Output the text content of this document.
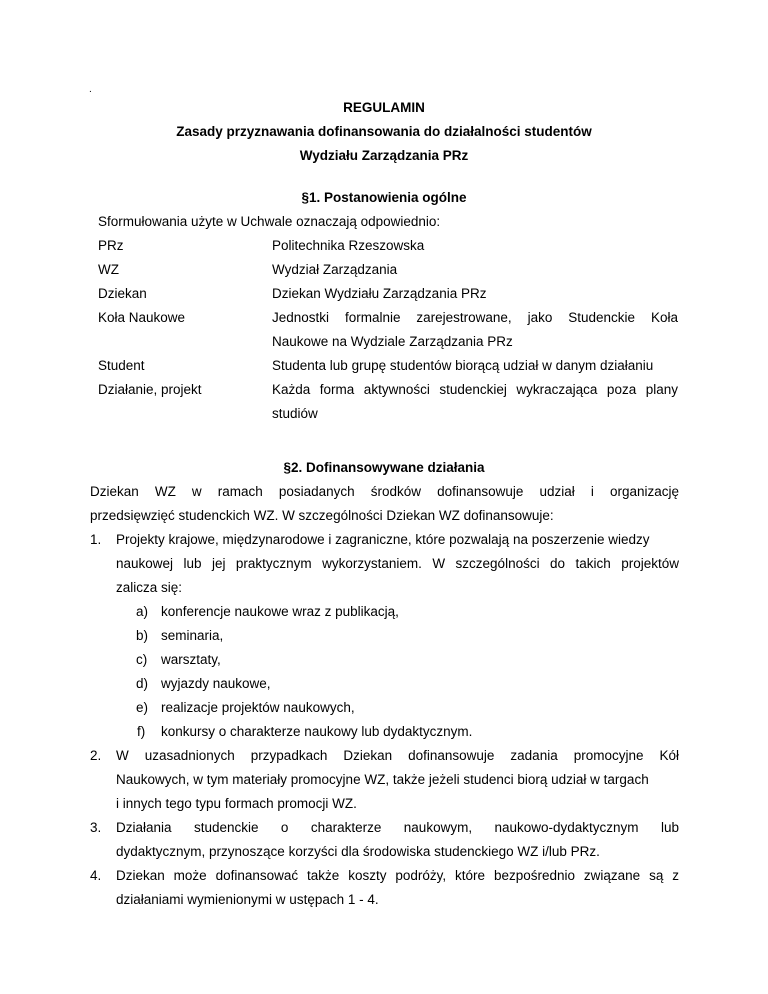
.
REGULAMIN
Zasady przyznawania dofinansowania do działalności studentów
Wydziału Zarządzania PRz
§1. Postanowienia ogólne
Sformułowania użyte w Uchwale oznaczają odpowiednio:
PRz	Politechnika Rzeszowska
WZ	Wydział Zarządzania
Dziekan	Dziekan Wydziału Zarządzania PRz
Koła Naukowe	Jednostki formalnie zarejestrowane, jako Studenckie Koła
Naukowe na Wydziale Zarządzania PRz
Student	Studenta lub grupę studentów biorącą udział w danym działaniu
Działanie, projekt	Każda forma aktywności studenckiej wykraczająca poza plany
studiów
§2. Dofinansowywane działania
Dziekan WZ w ramach posiadanych środków dofinansowuje udział i organizację
przedsięwzięć studenckich WZ. W szczególności Dziekan WZ dofinansowuje:
1. Projekty krajowe, międzynarodowe i zagraniczne, które pozwalają na poszerzenie wiedzy
naukowej lub jej praktycznym wykorzystaniem. W szczególności do takich projektów
zalicza się:
a) konferencje naukowe wraz z publikacją,
b) seminaria,
c) warsztaty,
d) wyjazdy naukowe,
e) realizacje projektów naukowych,
f) konkursy o charakterze naukowy lub dydaktycznym.
2. W uzasadnionych przypadkach Dziekan dofinansowuje zadania promocyjne Kół
Naukowych, w tym materiały promocyjne WZ, także jeżeli studenci biorą udział w targach
i innych tego typu formach promocji WZ.
3. Działania studenckie o charakterze naukowym, naukowo-dydaktycznym lub
dydaktycznym, przynoszące korzyści dla środowiska studenckiego WZ i/lub PRz.
4. Dziekan może dofinansować także koszty podróży, które bezpośrednio związane są z
działaniami wymienionymi w ustępach 1 - 4.
